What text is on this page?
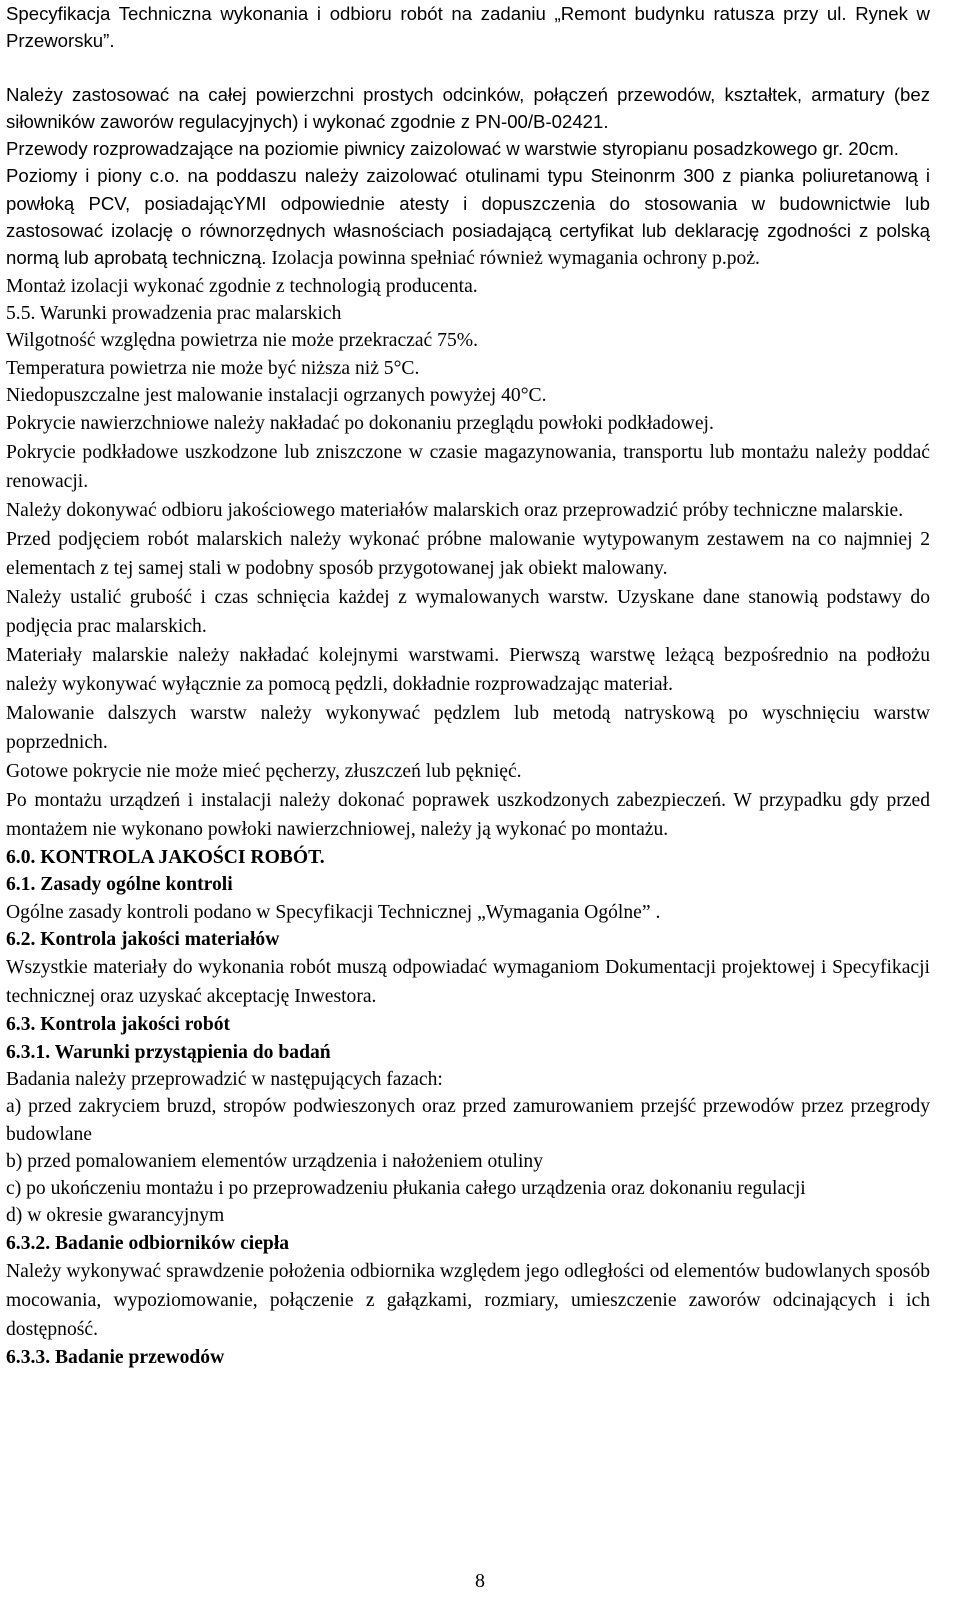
Specyfikacja Techniczna wykonania i odbioru robót na zadaniu „Remont budynku ratusza przy ul. Rynek w Przeworsku”.

Należy zastosować na całej powierzchni prostych odcinków, połączeń przewodów, kształtek, armatury (bez siłowników zaworów regulacyjnych) i wykonać zgodnie z PN-00/B-02421.

Przewody rozprowadzające na poziomie piwnicy zaizolować w warstwie styropianu posadzkowego gr. 20cm.

Poziomy i piony c.o. na poddaszu należy zaizolować otulinami typu Steinonrm 300 z pianka poliuretanową i powłoką PCV, posiadającYMI odpowiednie atesty i dopuszczenia do stosowania w budownictwie lub zastosować izolację o równorzędnych własnościach posiadającą certyfikat lub deklarację zgodności z polską normą lub aprobatą techniczną. Izolacja powinna spełniać również wymagania ochrony p.poż.

Montaż izolacji wykonać zgodnie z technologią producenta.

5.5. Warunki prowadzenia prac malarskich

Wilgotność względna powietrza nie może przekraczać 75%.

Temperatura powietrza nie może być niższa niż 5°C.

Niedopuszczalne jest malowanie instalacji ogrzanych powyżej 40°C.

Pokrycie nawierzchniowe należy nakładać po dokonaniu przeglądu powłoki podkładowej.

Pokrycie podkładowe uszkodzone lub zniszczone w czasie magazynowania, transportu lub montażu należy poddać renowacji.

Należy dokonywać odbioru jakościowego materiałów malarskich oraz przeprowadzić próby techniczne malarskie.

Przed podjęciem robót malarskich należy wykonać próbne malowanie wytypowanym zestawem na co najmniej 2 elementach z tej samej stali w podobny sposób przygotowanej jak obiekt malowany.

Należy ustalić grubość i czas schnięcia każdej z wymalowanych warstw. Uzyskane dane stanowią podstawy do podjęcia prac malarskich.

Materiały malarskie należy nakładać kolejnymi warstwami. Pierwszą warstwę leżącą bezpośrednio na podłożu należy wykonywać wyłącznie za pomocą pędzli, dokładnie rozprowadzając materiał.

Malowanie dalszych warstw należy wykonywać pędzlem lub metodą natryskową po wyschnięciu warstw poprzednich.

Gotowe pokrycie nie może mieć pęcherzy, złuszczeń lub pęknięć.

Po montażu urządzeń i instalacji należy dokonać poprawek uszkodzonych zabezpieczeń. W przypadku gdy przed montażem nie wykonano powłoki nawierzchniowej, należy ją wykonać po montażu.

6.0. KONTROLA JAKOŚCI ROBÓT.

6.1. Zasady ogólne kontroli

Ogólne zasady kontroli podano w Specyfikacji Technicznej „Wymagania Ogólne” .

6.2. Kontrola jakości materiałów

Wszystkie materiały do wykonania robót muszą odpowiadać wymaganiom Dokumentacji projektowej i Specyfikacji technicznej oraz uzyskać akceptację Inwestora.

6.3. Kontrola jakości robót

6.3.1. Warunki przystąpienia do badań

Badania należy przeprowadzić w następujących fazach:

a) przed zakryciem bruzd, stropów podwieszonych oraz przed zamurowaniem przejść przewodów przez przegrody budowlane

b) przed pomalowaniem elementów urządzenia i nałożeniem otuliny

c) po ukończeniu montażu i po przeprowadzeniu płukania całego urządzenia oraz dokonaniu regulacji

d) w okresie gwarancyjnym

6.3.2. Badanie odbiorników ciepła

Należy wykonywać sprawdzenie położenia odbiornika względem jego odległości od elementów budowlanych sposób mocowania, wypoziomowanie, połączenie z gałązkami, rozmiary, umieszczenie zaworów odcinających i ich dostępność.

6.3.3. Badanie przewodów

8
